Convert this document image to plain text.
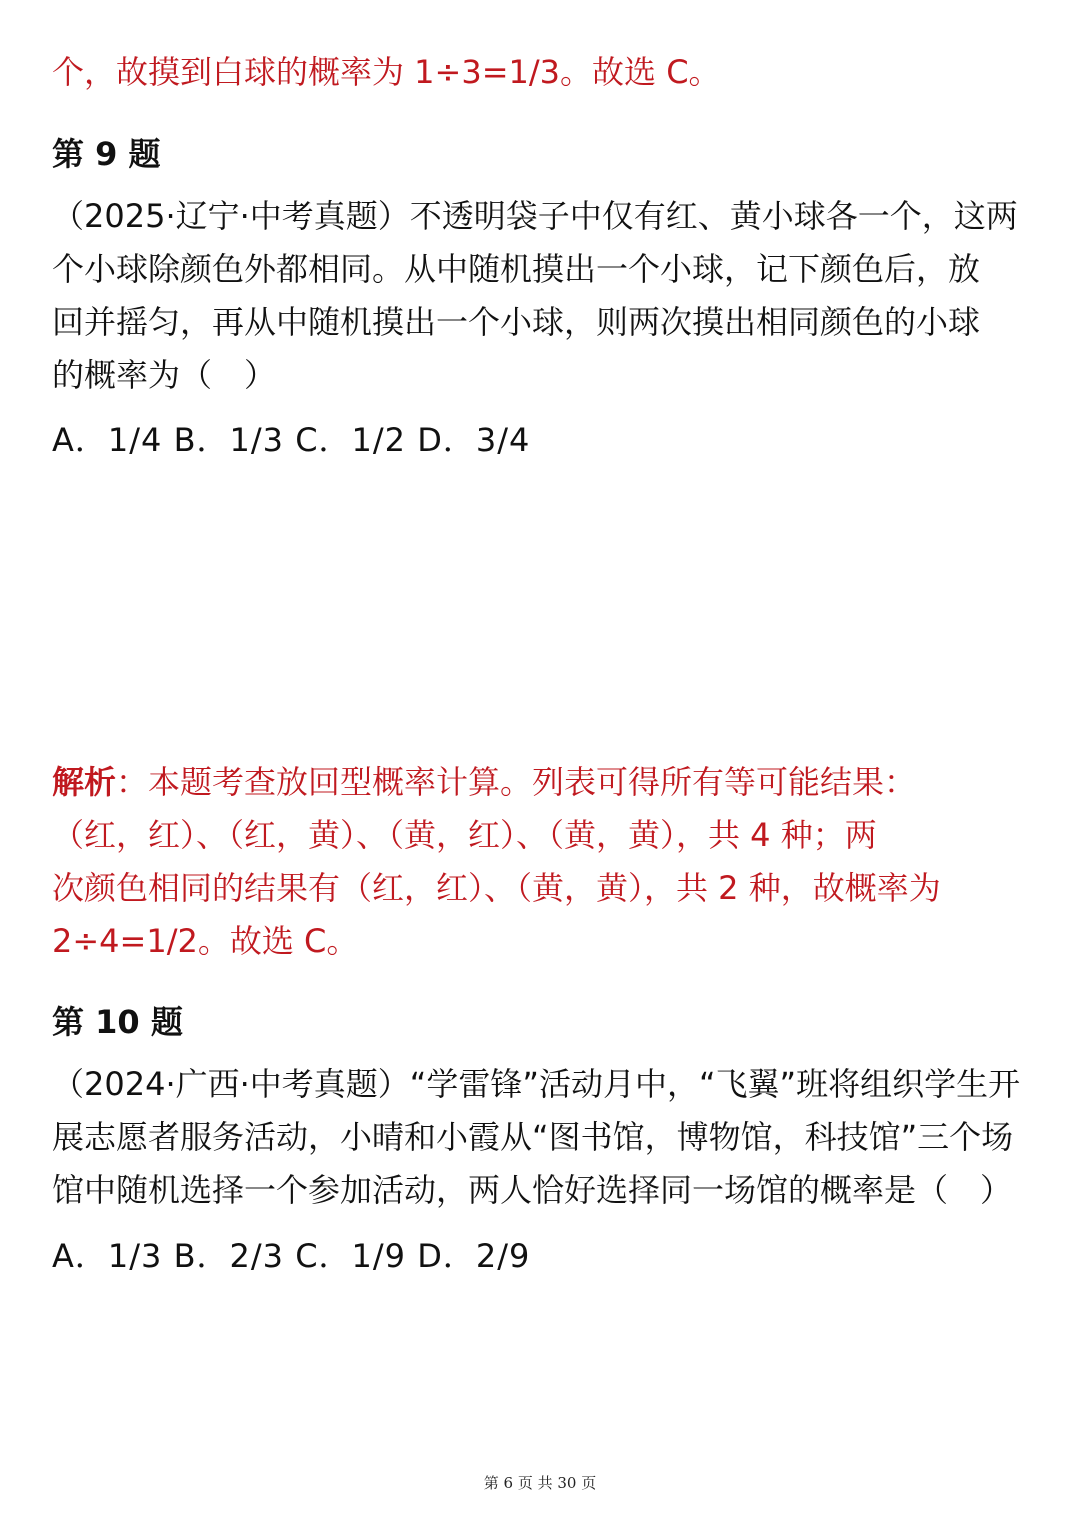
个，故摸到白球的概率为 1÷3=1/3。故选 C。
第 9 题
（2025·辽宁·中考真题）不透明袋子中仅有红、黄小球各一个，这两
个小球除颜色外都相同。从中随机摸出一个小球，记下颜色后，放
回并摇匀，再从中随机摸出一个小球，则两次摸出相同颜色的小球
的概率为（　）
A．1/4 B．1/3 C．1/2 D．3/4
解析：本题考查放回型概率计算。列表可得所有等可能结果：
（红，红）、（红，黄）、（黄，红）、（黄，黄），共 4 种；两
次颜色相同的结果有（红，红）、（黄，黄），共 2 种，故概率为
2÷4=1/2。故选 C。
第 10 题
（2024·广西·中考真题）“学雷锋”活动月中，“飞翼”班将组织学生开
展志愿者服务活动，小晴和小霞从“图书馆，博物馆，科技馆”三个场
馆中随机选择一个参加活动，两人恰好选择同一场馆的概率是（　）
A．1/3 B．2/3 C．1/9 D．2/9
第 6 页 共 30 页
